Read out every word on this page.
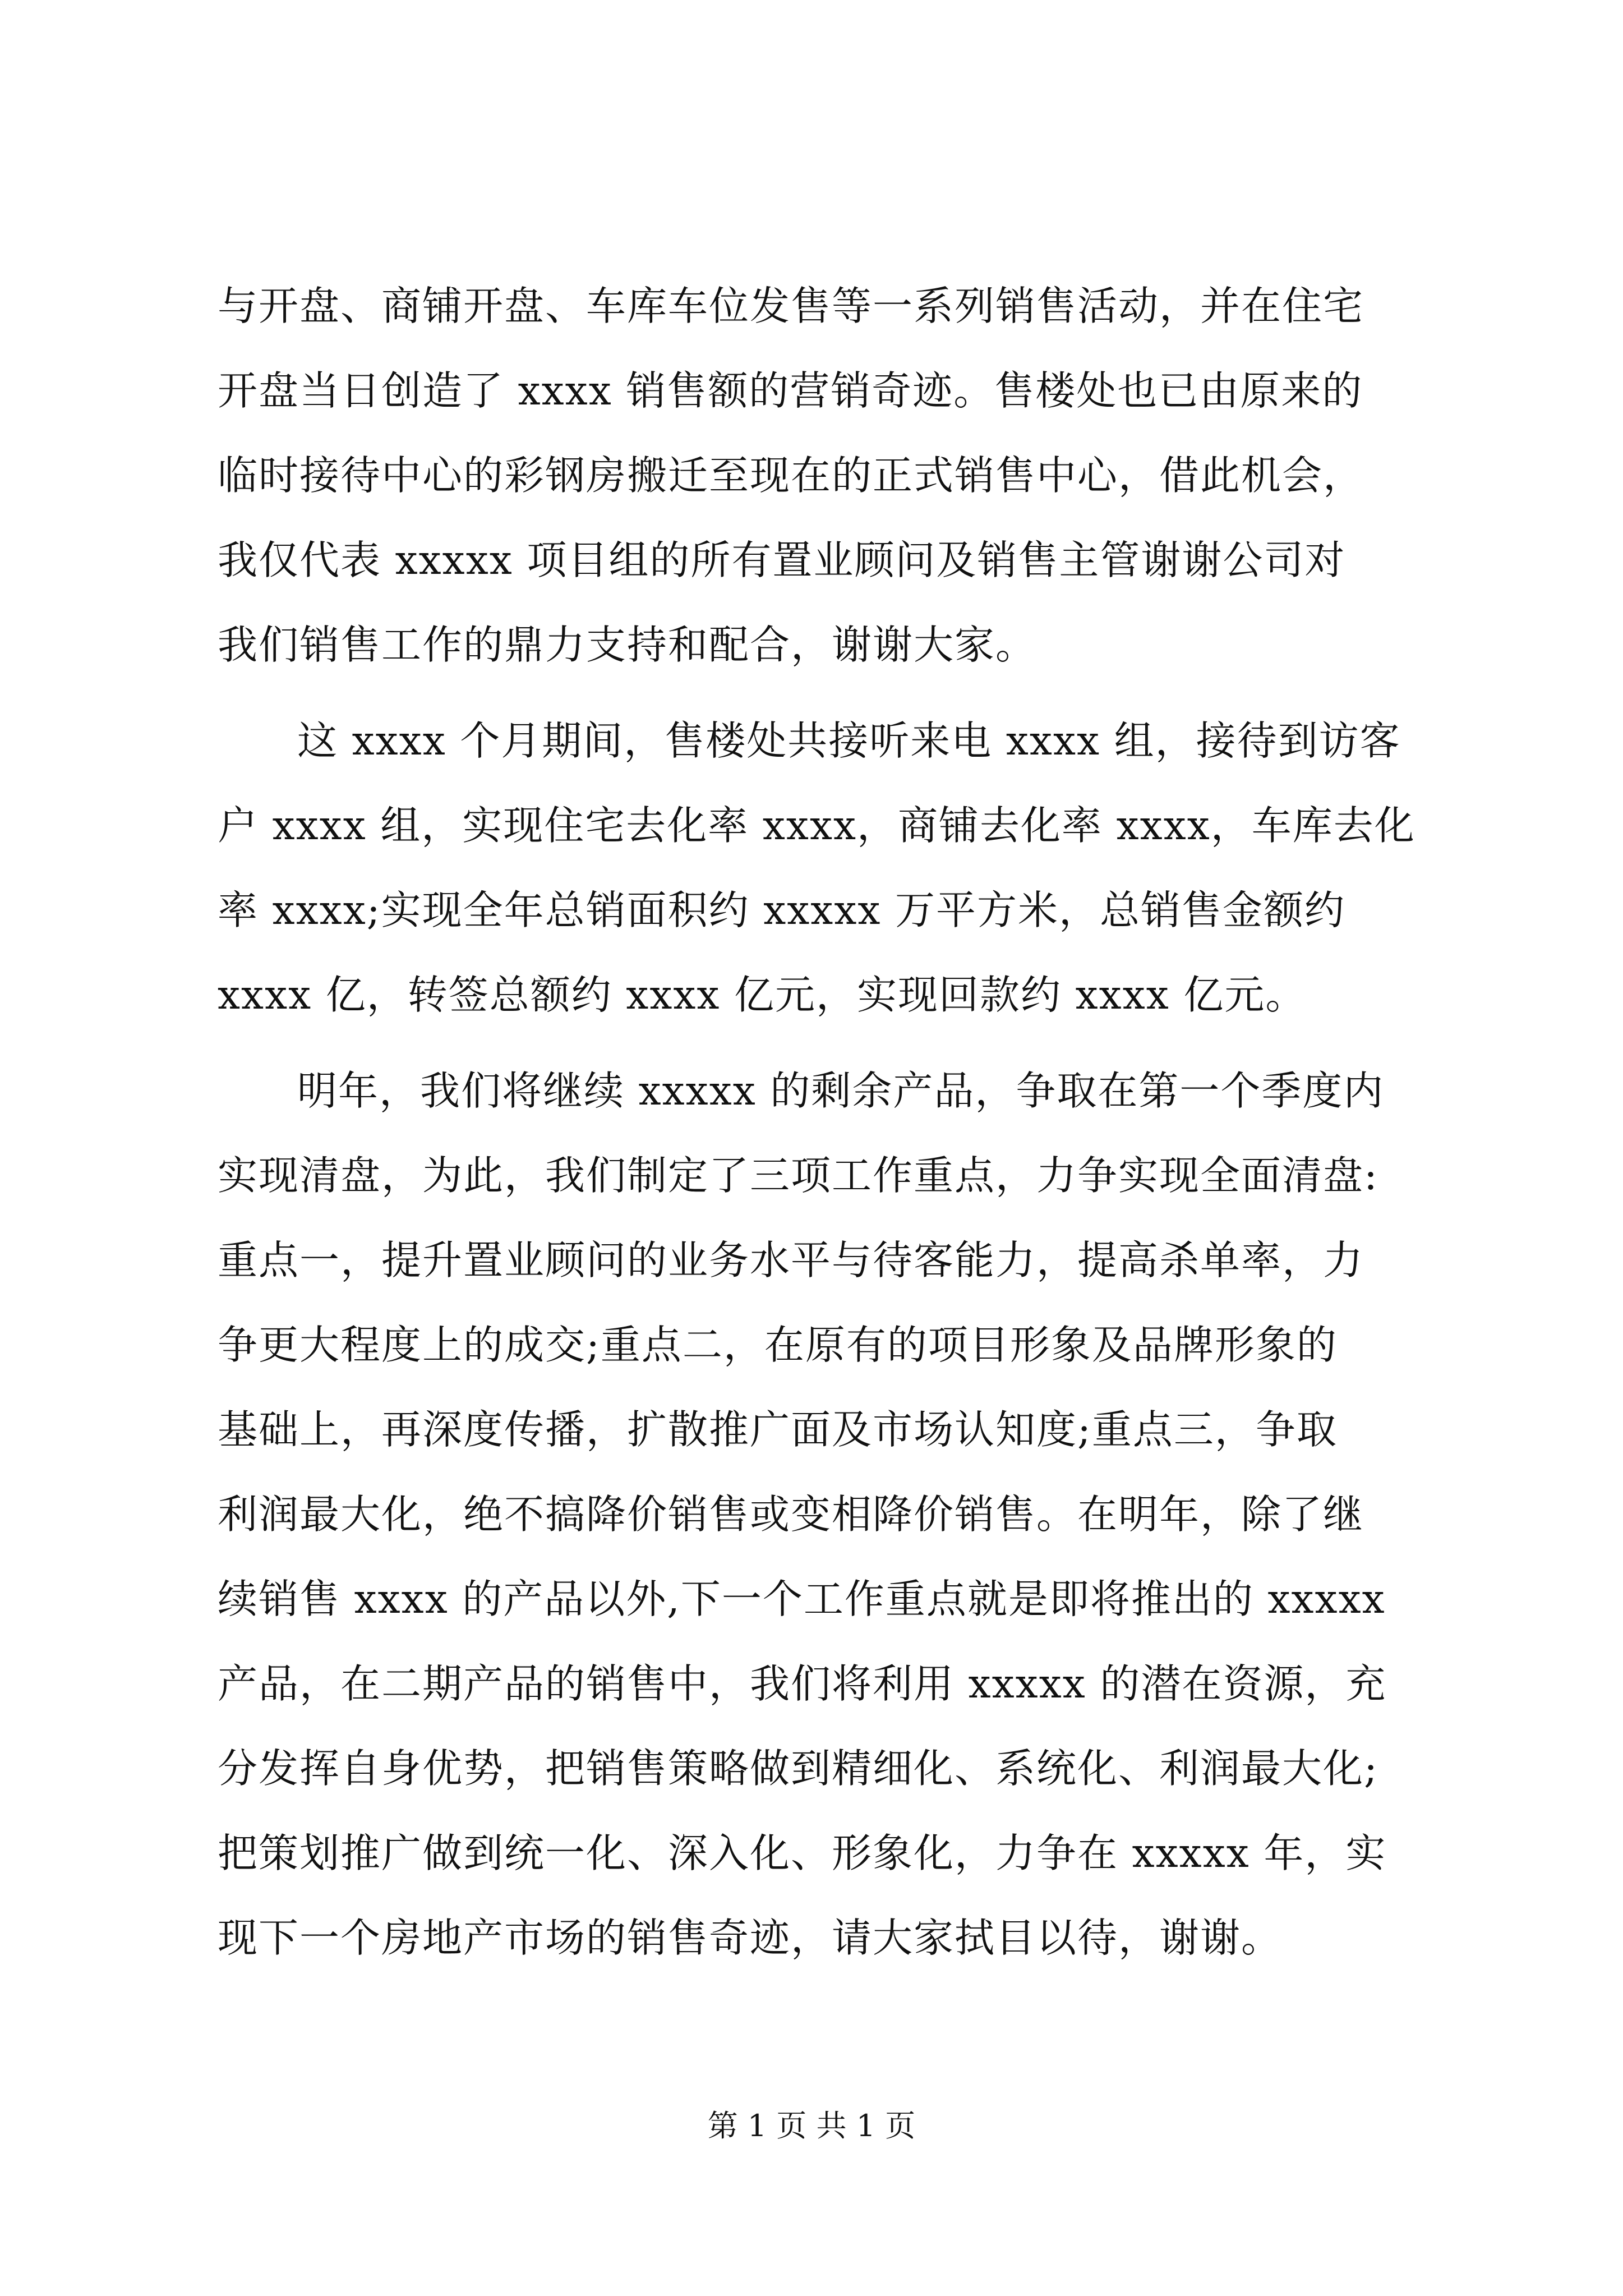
与开盘、商铺开盘、车库车位发售等一系列销售活动，并在住宅
开盘当日创造了 xxxx 销售额的营销奇迹。售楼处也已由原来的
临时接待中心的彩钢房搬迁至现在的正式销售中心，借此机会，
我仅代表 xxxxx 项目组的所有置业顾问及销售主管谢谢公司对
我们销售工作的鼎力支持和配合，谢谢大家。
这 xxxx 个月期间，售楼处共接听来电 xxxx 组，接待到访客
户 xxxx 组，实现住宅去化率 xxxx，商铺去化率 xxxx，车库去化
率 xxxx;实现全年总销面积约 xxxxx 万平方米，总销售金额约
xxxx 亿，转签总额约 xxxx 亿元，实现回款约 xxxx 亿元。
明年，我们将继续 xxxxx 的剩余产品，争取在第一个季度内
实现清盘，为此，我们制定了三项工作重点，力争实现全面清盘:
重点一，提升置业顾问的业务水平与待客能力，提高杀单率，力
争更大程度上的成交;重点二，在原有的项目形象及品牌形象的
基础上，再深度传播，扩散推广面及市场认知度;重点三，争取
利润最大化，绝不搞降价销售或变相降价销售。在明年，除了继
续销售 xxxx 的产品以外,下一个工作重点就是即将推出的 xxxxx
产品，在二期产品的销售中，我们将利用 xxxxx 的潜在资源，充
分发挥自身优势，把销售策略做到精细化、系统化、利润最大化;
把策划推广做到统一化、深入化、形象化，力争在 xxxxx 年，实
现下一个房地产市场的销售奇迹，请大家拭目以待，谢谢。
第 1 页 共 1 页
